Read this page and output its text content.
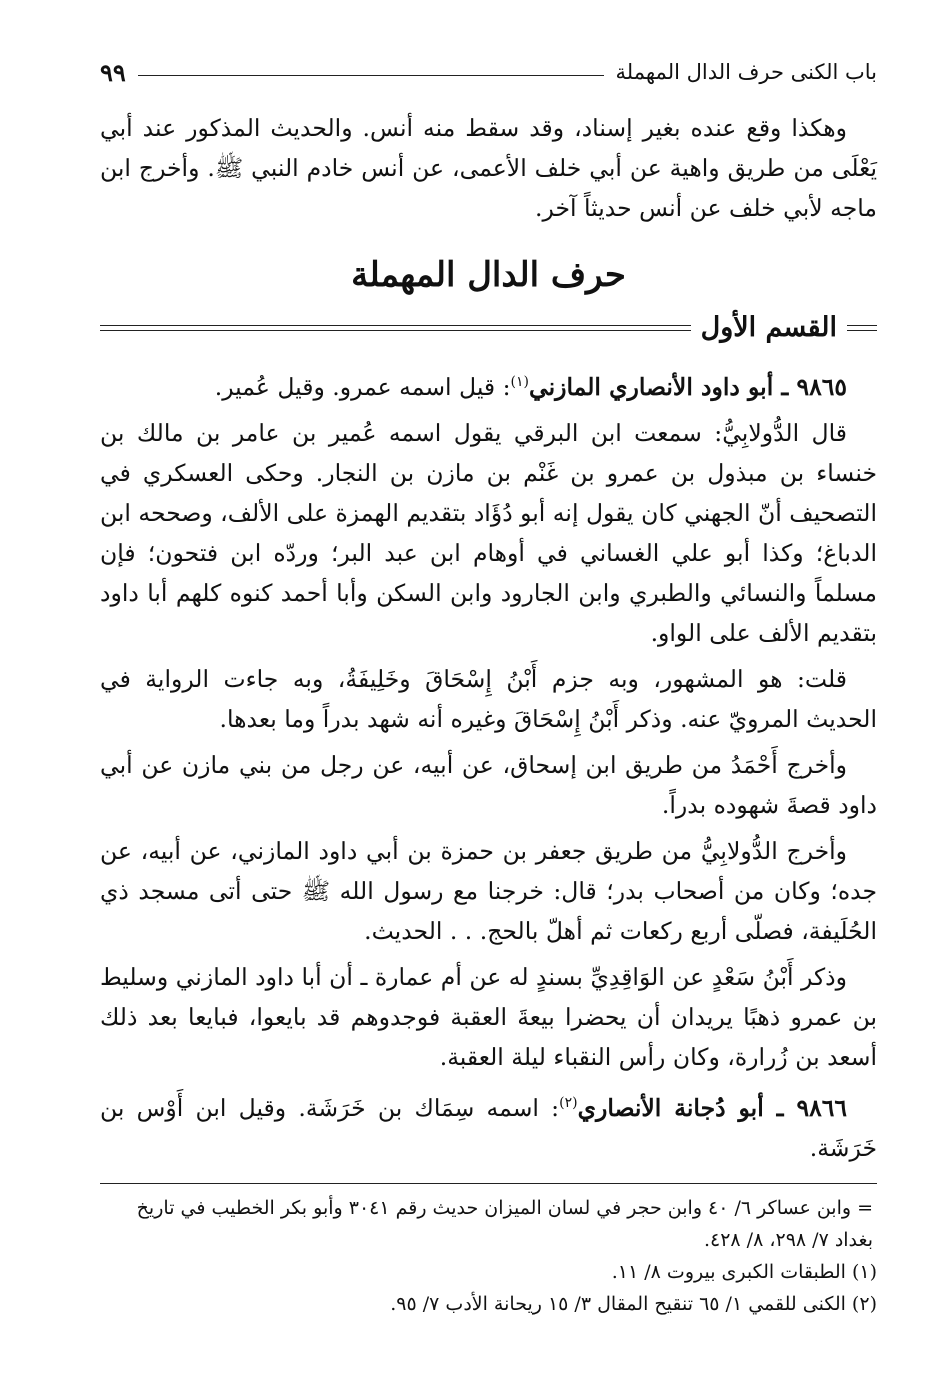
باب الكنى حرف الدال المهملة
٩٩

وهكذا وقع عنده بغير إسناد، وقد سقط منه أنس. والحديث المذكور عند أبي يَعْلَى من طريق واهية عن أبي خلف الأعمى، عن أنس خادم النبي ﷺ. وأخرج ابن ماجه لأبي خلف عن أنس حديثاً آخر.

حرف الدال المهملة
القسم الأول

٩٨٦٥ ـ أبو داود الأنصاري المازني$^{(١)}$: قيل اسمه عمرو. وقيل عُمير.

قال الدُّولابِيُّ: سمعت ابن البرقي يقول اسمه عُمير بن عامر بن مالك بن خنساء بن مبذول بن عمرو بن غَنْم بن مازن بن النجار. وحكى العسكري في التصحيف أنّ الجهني كان يقول إنه أبو دُؤَاد بتقديم الهمزة على الألف، وصححه ابن الدباغ؛ وكذا أبو علي الغساني في أوهام ابن عبد البر؛ وردّه ابن فتحون؛ فإن مسلماً والنسائي والطبري وابن الجارود وابن السكن وأبا أحمد كنوه كلهم أبا داود بتقديم الألف على الواو.

قلت: هو المشهور، وبه جزم أَبْنُ إِسْحَاقَ وخَلِيفَةُ، وبه جاءت الرواية في الحديث المرويّ عنه. وذكر أَبْنُ إِسْحَاقَ وغيره أنه شهد بدراً وما بعدها.

وأخرج أَحْمَدُ من طريق ابن إسحاق، عن أبيه، عن رجل من بني مازن عن أبي داود قصةَ شهوده بدراً.

وأخرج الدُّولابِيُّ من طريق جعفر بن حمزة بن أبي داود المازني، عن أبيه، عن جده؛ وكان من أصحاب بدر؛ قال: خرجنا مع رسول الله ﷺ حتى أتى مسجد ذي الحُلَيفة، فصلّى أربع ركعات ثم أهلّ بالحج. . . الحديث.

وذكر أَبْنُ سَعْدٍ عن الوَاقِدِيِّ بسندٍ له عن أم عمارة ـ أن أبا داود المازني وسليط بن عمرو ذهبًا يريدان أن يحضرا بيعةَ العقبة فوجدوهم قد بايعوا، فبايعا بعد ذلك أسعد بن زُرارة، وكان رأس النقباء ليلة العقبة.

٩٨٦٦ ـ أبو دُجانة الأنصاري$^{(٢)}$: اسمه سِمَاك بن خَرَشَة. وقيل ابن أَوْس بن خَرَشَة.

= وابن عساكر ٦/ ٤٠ وابن حجر في لسان الميزان حديث رقم ٣٠٤١ وأبو بكر الخطيب في تاريخ بغداد ٧/ ٢٩٨، ٨/ ٤٢٨.

(١) الطبقات الكبرى بيروت ٨/ ١١.

(٢) الكنى للقمي ١/ ٦٥ تنقيح المقال ٣/ ١٥ ريحانة الأدب ٧/ ٩٥.
